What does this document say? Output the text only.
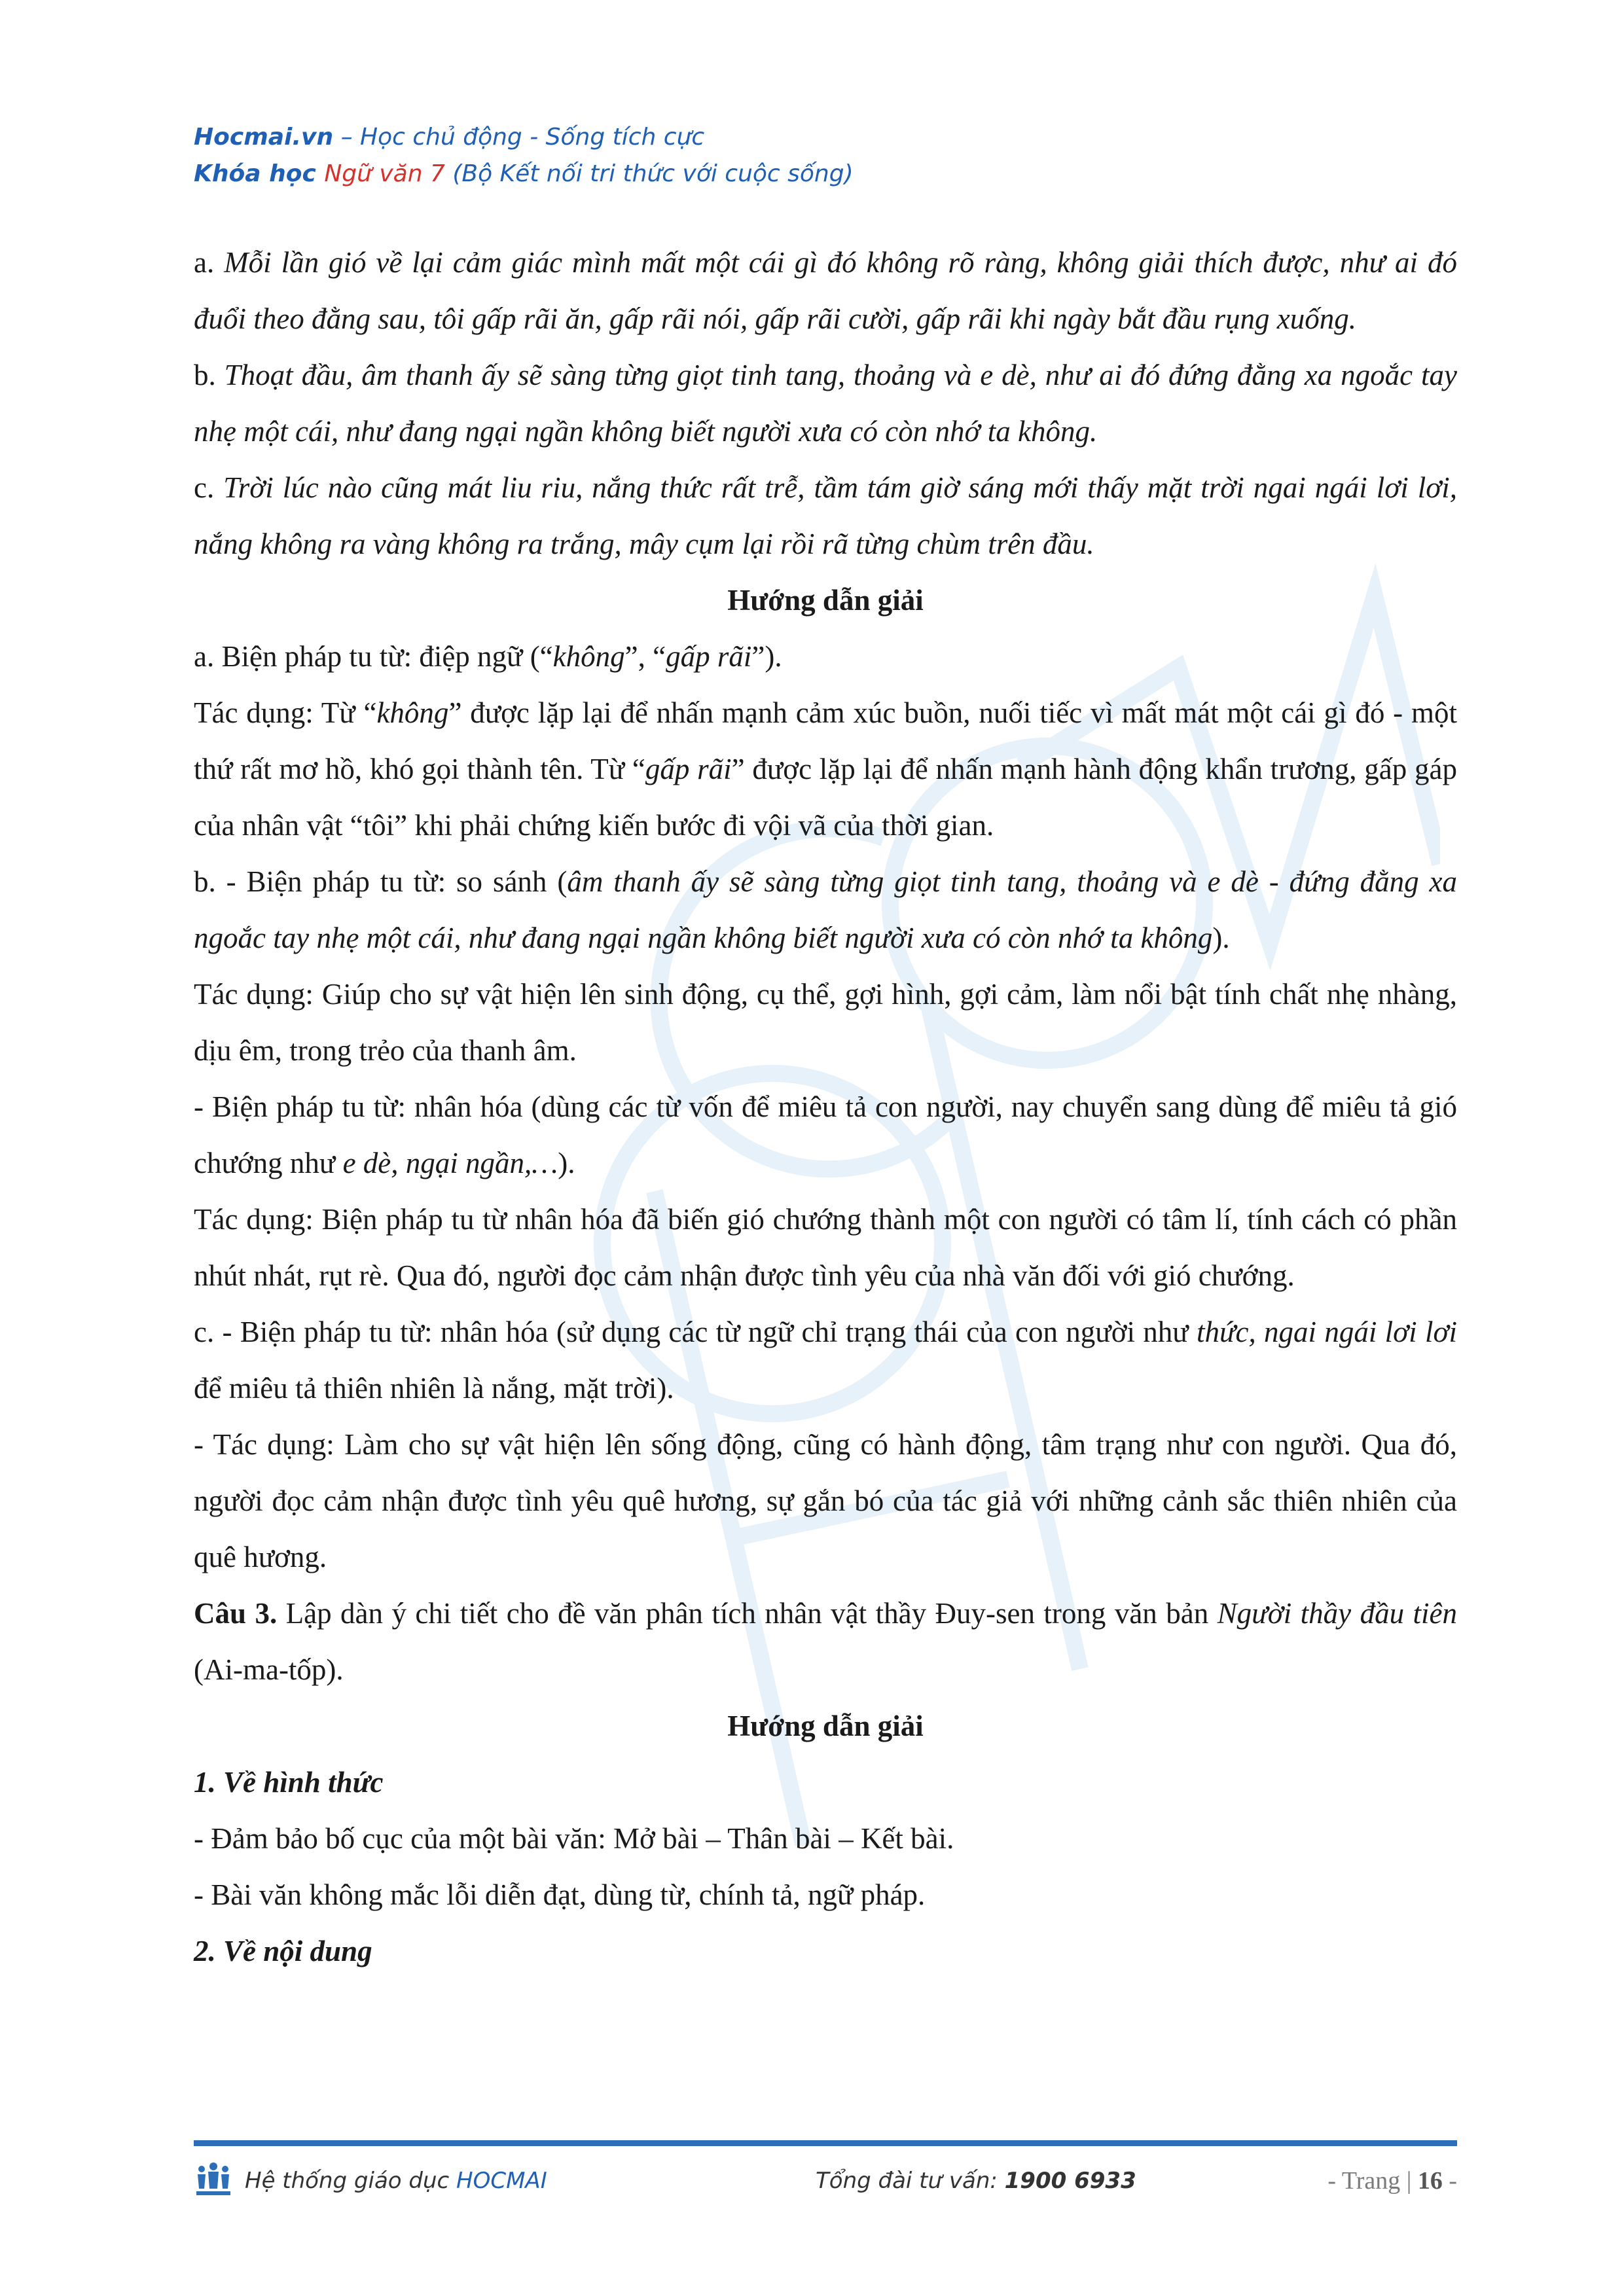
Hocmai.vn – Học chủ động - Sống tích cực
Khóa học Ngữ văn 7 (Bộ Kết nối tri thức với cuộc sống)

a. Mỗi lần gió về lại cảm giác mình mất một cái gì đó không rõ ràng, không giải thích được, như ai đó đuổi theo đằng sau, tôi gấp rãi ăn, gấp rãi nói, gấp rãi cười, gấp rãi khi ngày bắt đầu rụng xuống.

b. Thoạt đầu, âm thanh ấy sẽ sàng từng giọt tinh tang, thoảng và e dè, như ai đó đứng đằng xa ngoắc tay nhẹ một cái, như đang ngại ngần không biết người xưa có còn nhớ ta không.

c. Trời lúc nào cũng mát liu riu, nắng thức rất trễ, tầm tám giờ sáng mới thấy mặt trời ngai ngái lơi lơi, nắng không ra vàng không ra trắng, mây cụm lại rồi rã từng chùm trên đầu.

Hướng dẫn giải

a. Biện pháp tu từ: điệp ngữ (“không”, “gấp rãi”).

Tác dụng: Từ “không” được lặp lại để nhấn mạnh cảm xúc buồn, nuối tiếc vì mất mát một cái gì đó - một thứ rất mơ hồ, khó gọi thành tên. Từ “gấp rãi” được lặp lại để nhấn mạnh hành động khẩn trương, gấp gáp của nhân vật “tôi” khi phải chứng kiến bước đi vội vã của thời gian.

b. - Biện pháp tu từ: so sánh (âm thanh ấy sẽ sàng từng giọt tinh tang, thoảng và e dè - đứng đằng xa ngoắc tay nhẹ một cái, như đang ngại ngần không biết người xưa có còn nhớ ta không).

Tác dụng: Giúp cho sự vật hiện lên sinh động, cụ thể, gợi hình, gợi cảm, làm nổi bật tính chất nhẹ nhàng, dịu êm, trong trẻo của thanh âm.

- Biện pháp tu từ: nhân hóa (dùng các từ vốn để miêu tả con người, nay chuyển sang dùng để miêu tả gió chướng như e dè, ngại ngần,…).

Tác dụng: Biện pháp tu từ nhân hóa đã biến gió chướng thành một con người có tâm lí, tính cách có phần nhút nhát, rụt rè. Qua đó, người đọc cảm nhận được tình yêu của nhà văn đối với gió chướng.

c. - Biện pháp tu từ: nhân hóa (sử dụng các từ ngữ chỉ trạng thái của con người như thức, ngai ngái lơi lơi để miêu tả thiên nhiên là nắng, mặt trời).

- Tác dụng: Làm cho sự vật hiện lên sống động, cũng có hành động, tâm trạng như con người. Qua đó, người đọc cảm nhận được tình yêu quê hương, sự gắn bó của tác giả với những cảnh sắc thiên nhiên của quê hương.

Câu 3. Lập dàn ý chi tiết cho đề văn phân tích nhân vật thầy Đuy-sen trong văn bản Người thầy đầu tiên (Ai-ma-tốp).

Hướng dẫn giải

1. Về hình thức

- Đảm bảo bố cục của một bài văn: Mở bài – Thân bài – Kết bài.

- Bài văn không mắc lỗi diễn đạt, dùng từ, chính tả, ngữ pháp.

2. Về nội dung

Hệ thống giáo dục HOCMAI	Tổng đài tư vấn: 1900 6933	- Trang | 16 -
